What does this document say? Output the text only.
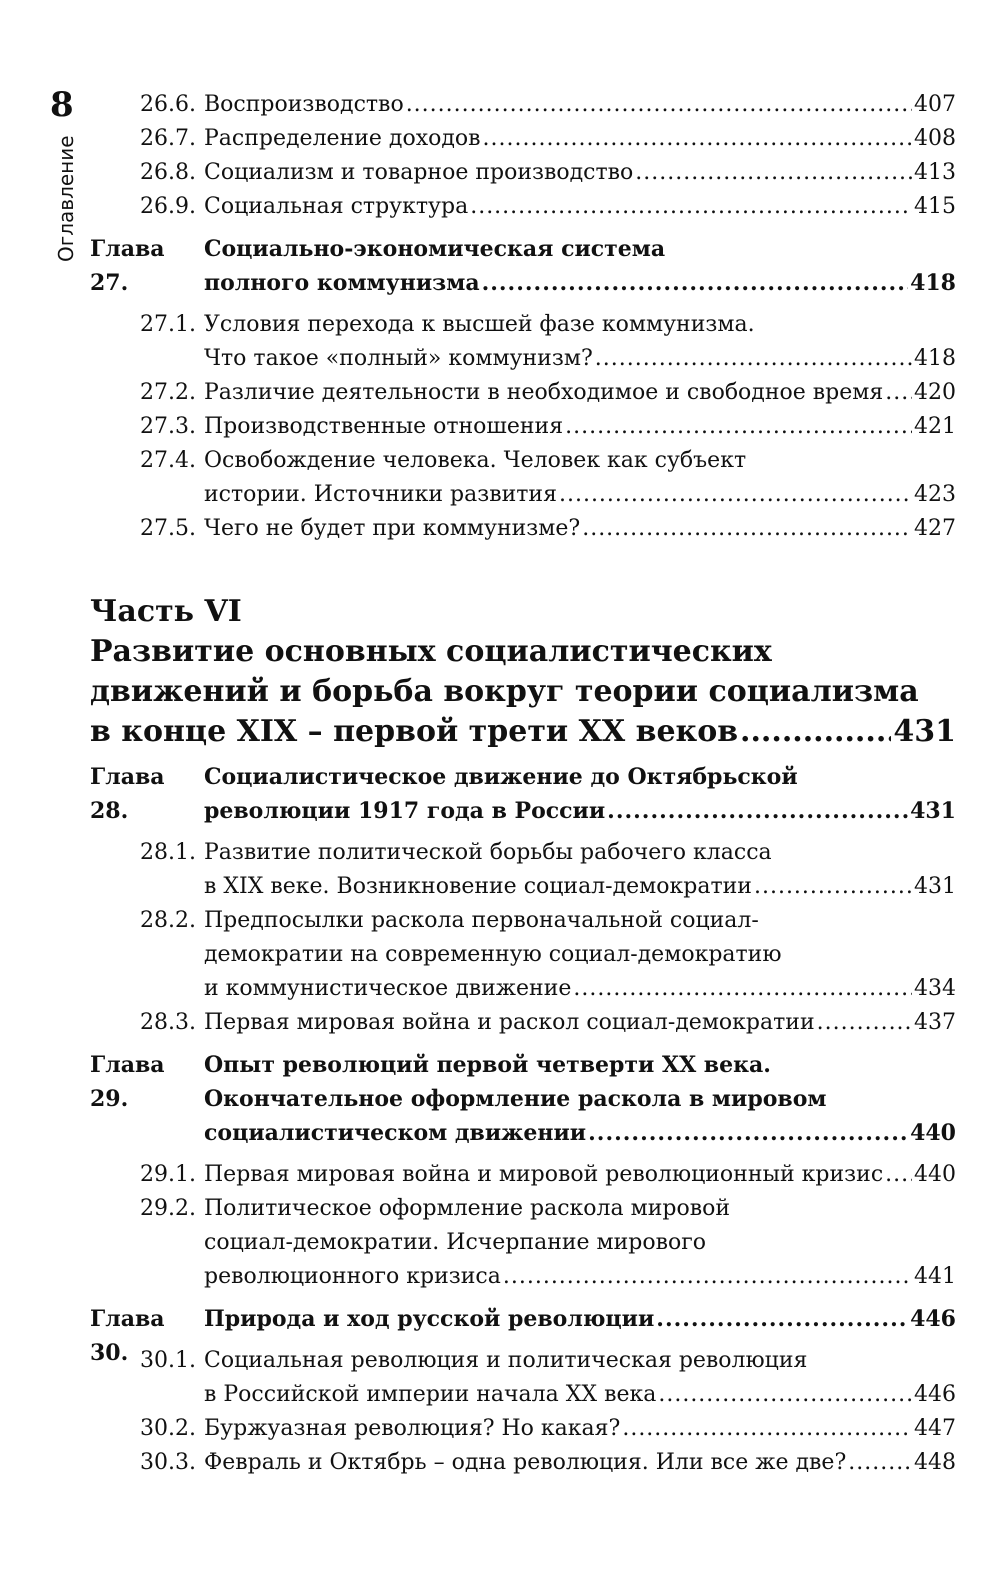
8
Оглавление
26.6. Воспроизводство .....	407
26.7. Распределение доходов .....	408
26.8. Социализм и товарное производство .....	413
26.9. Социальная структура .....	415
Глава 27.
Социально-экономическая система
полного коммунизма .....	418
27.1. Условия перехода к высшей фазе коммунизма.
Что такое «полный» коммунизм? .....	418
27.2. Различие деятельности в необходимое и свободное время ..... 420
27.3. Производственные отношения .....	421
27.4. Освобождение человека. Человек как субъект
истории. Источники развития .....	423
27.5. Чего не будет при коммунизме? .....	427
Часть VI
Развитие основных социалистических
движений и борьба вокруг теории социализма
в конце XIX – первой трети XX веков .....	431
Глава 28.
Социалистическое движение до Октябрьской
революции 1917 года в России .....	431
28.1. Развитие политической борьбы рабочего класса
в XIX веке. Возникновение социал-демократии .....	431
28.2. Предпосылки раскола первоначальной социал-
демократии на современную социал-демократию
и коммунистическое движение .....	434
28.3. Первая мировая война и раскол социал-демократии .....	437
Глава 29.
Опыт революций первой четверти XX века.
Окончательное оформление раскола в мировом
социалистическом движении .....	440
29.1. Первая мировая война и мировой революционный кризис ..... 440
29.2. Политическое оформление раскола мировой
социал-демократии. Исчерпание мирового
революционного кризиса .....	441
Глава 30.
Природа и ход русской революции .....	446
30.1. Социальная революция и политическая революция
в Российской империи начала XX века .....	446
30.2. Буржуазная революция? Но какая? .....	447
30.3. Февраль и Октябрь – одна революция. Или все же две? .....	448
